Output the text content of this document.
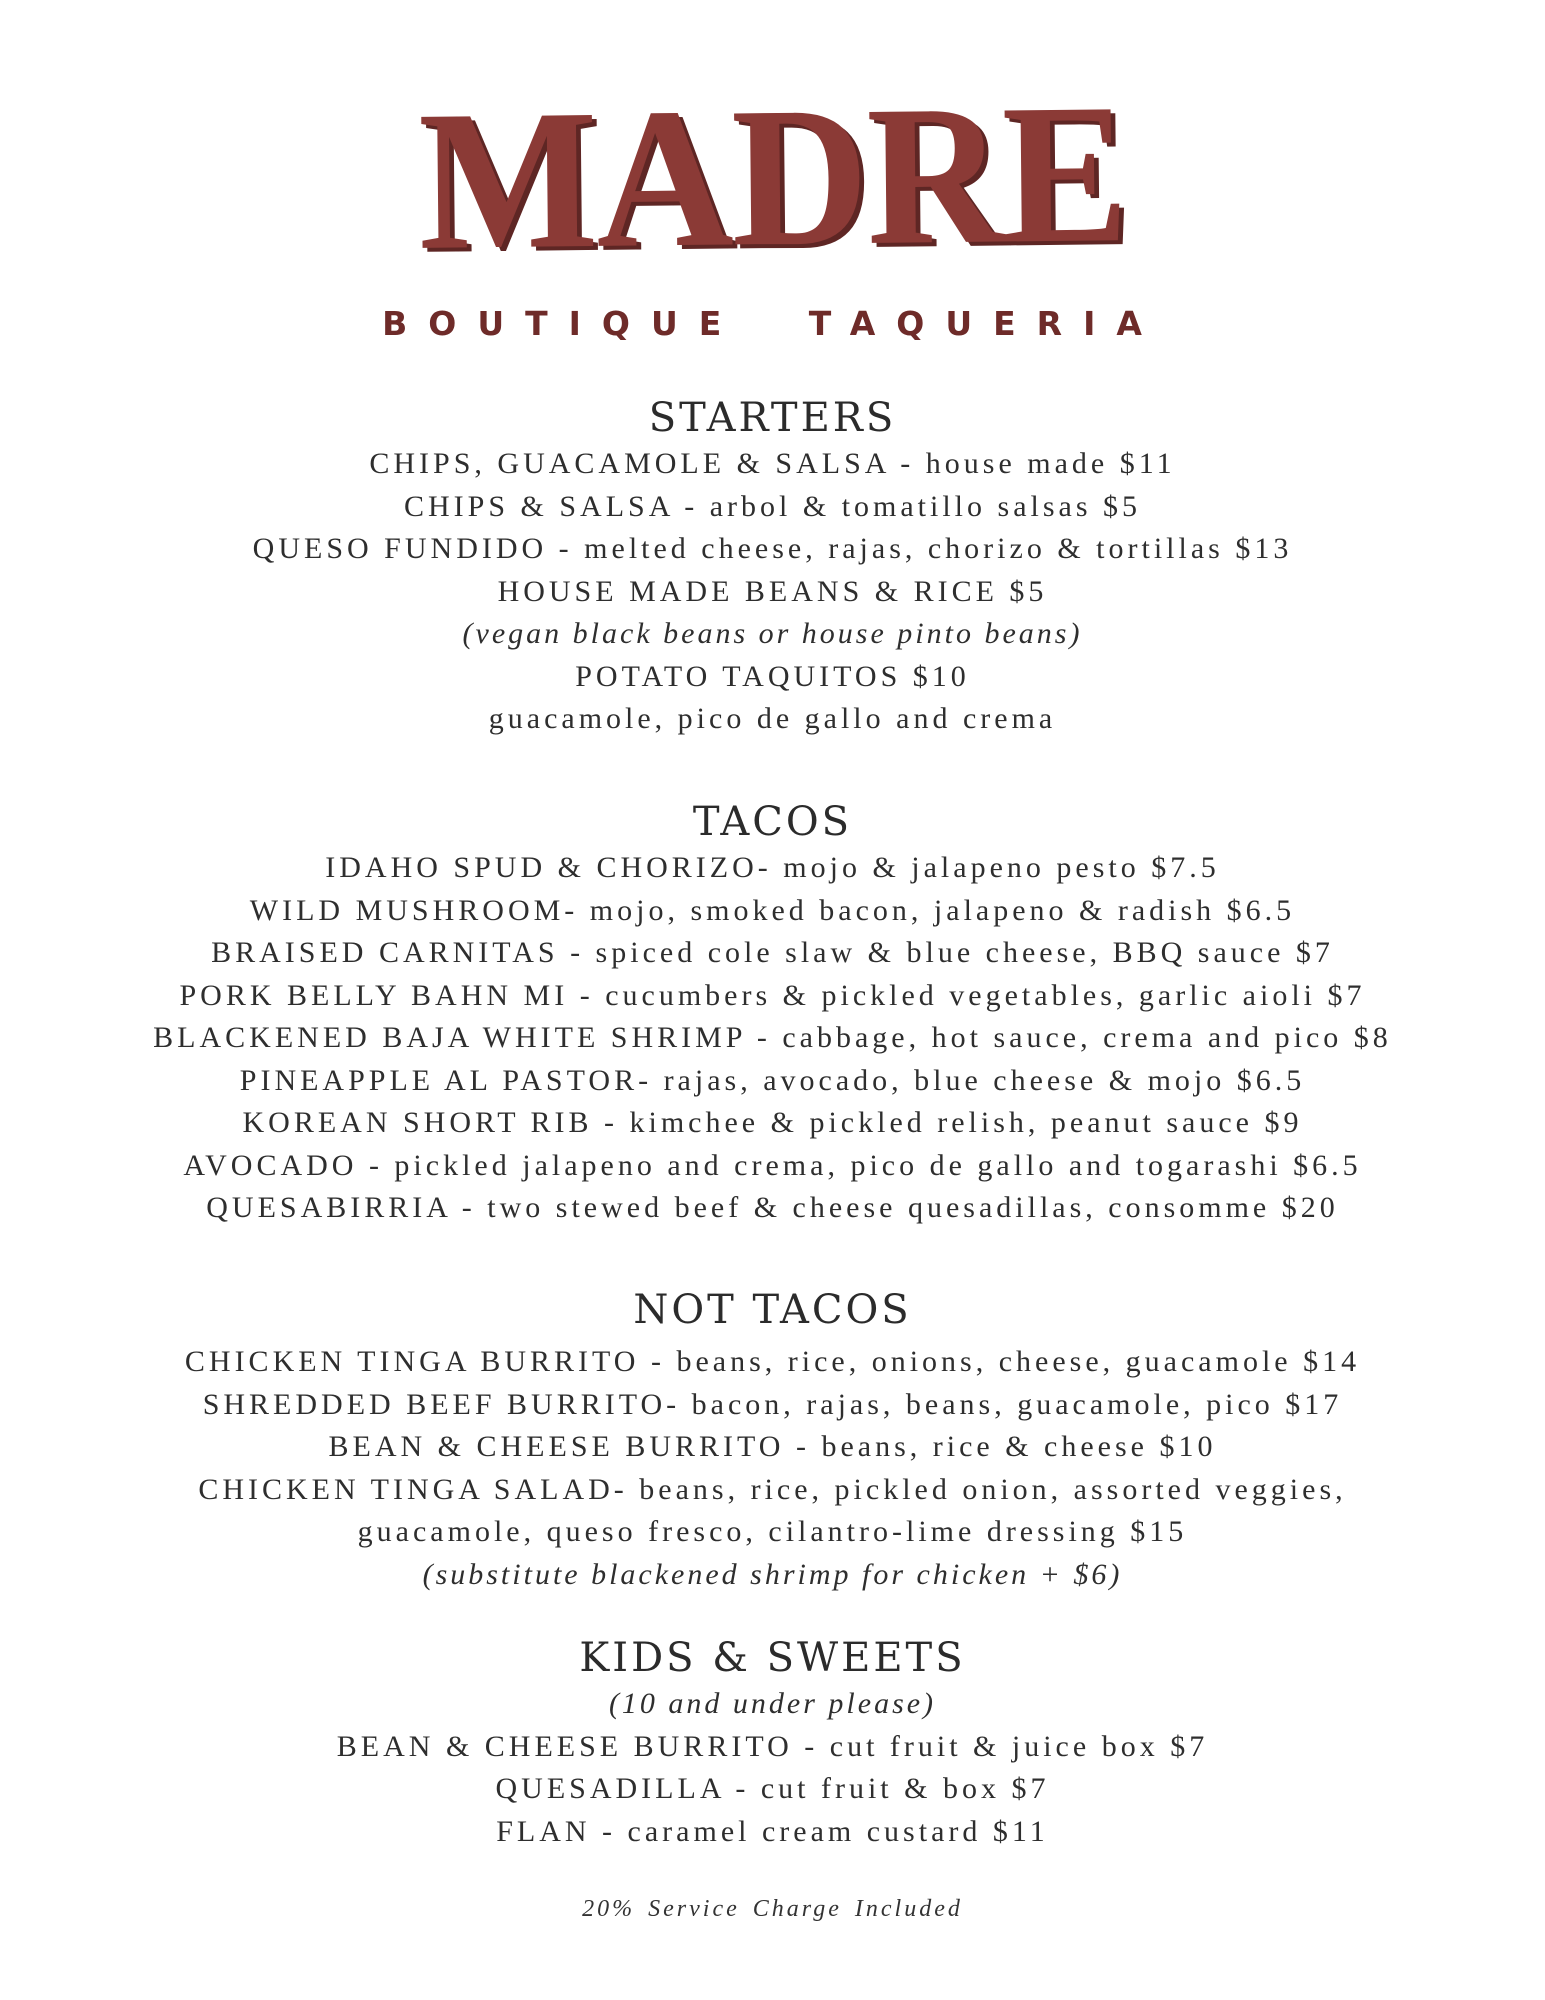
MADRE
BOUTIQUE TAQUERIA
STARTERS
CHIPS, GUACAMOLE & SALSA - house made $11
CHIPS & SALSA - arbol & tomatillo salsas $5
QUESO FUNDIDO - melted cheese, rajas, chorizo & tortillas $13
HOUSE MADE BEANS & RICE $5
(vegan black beans or house pinto beans)
POTATO TAQUITOS $10
guacamole, pico de gallo and crema
TACOS
IDAHO SPUD & CHORIZO- mojo & jalapeno pesto $7.5
WILD MUSHROOM- mojo, smoked bacon, jalapeno & radish $6.5
BRAISED CARNITAS - spiced cole slaw & blue cheese, BBQ sauce $7
PORK BELLY BAHN MI - cucumbers & pickled vegetables, garlic aioli $7
BLACKENED BAJA WHITE SHRIMP - cabbage, hot sauce, crema and pico $8
PINEAPPLE AL PASTOR- rajas, avocado, blue cheese & mojo $6.5
KOREAN SHORT RIB - kimchee & pickled relish, peanut sauce $9
AVOCADO - pickled jalapeno and crema, pico de gallo and togarashi $6.5
QUESABIRRIA - two stewed beef & cheese quesadillas, consomme $20
NOT TACOS
CHICKEN TINGA BURRITO - beans, rice, onions, cheese, guacamole $14
SHREDDED BEEF BURRITO- bacon, rajas, beans, guacamole, pico $17
BEAN & CHEESE BURRITO - beans, rice & cheese $10
CHICKEN TINGA SALAD- beans, rice, pickled onion, assorted veggies,
guacamole, queso fresco, cilantro-lime dressing $15
(substitute blackened shrimp for chicken + $6)
KIDS & SWEETS
(10 and under please)
BEAN & CHEESE BURRITO - cut fruit & juice box $7
QUESADILLA - cut fruit & box $7
FLAN - caramel cream custard $11
20% Service Charge Included
